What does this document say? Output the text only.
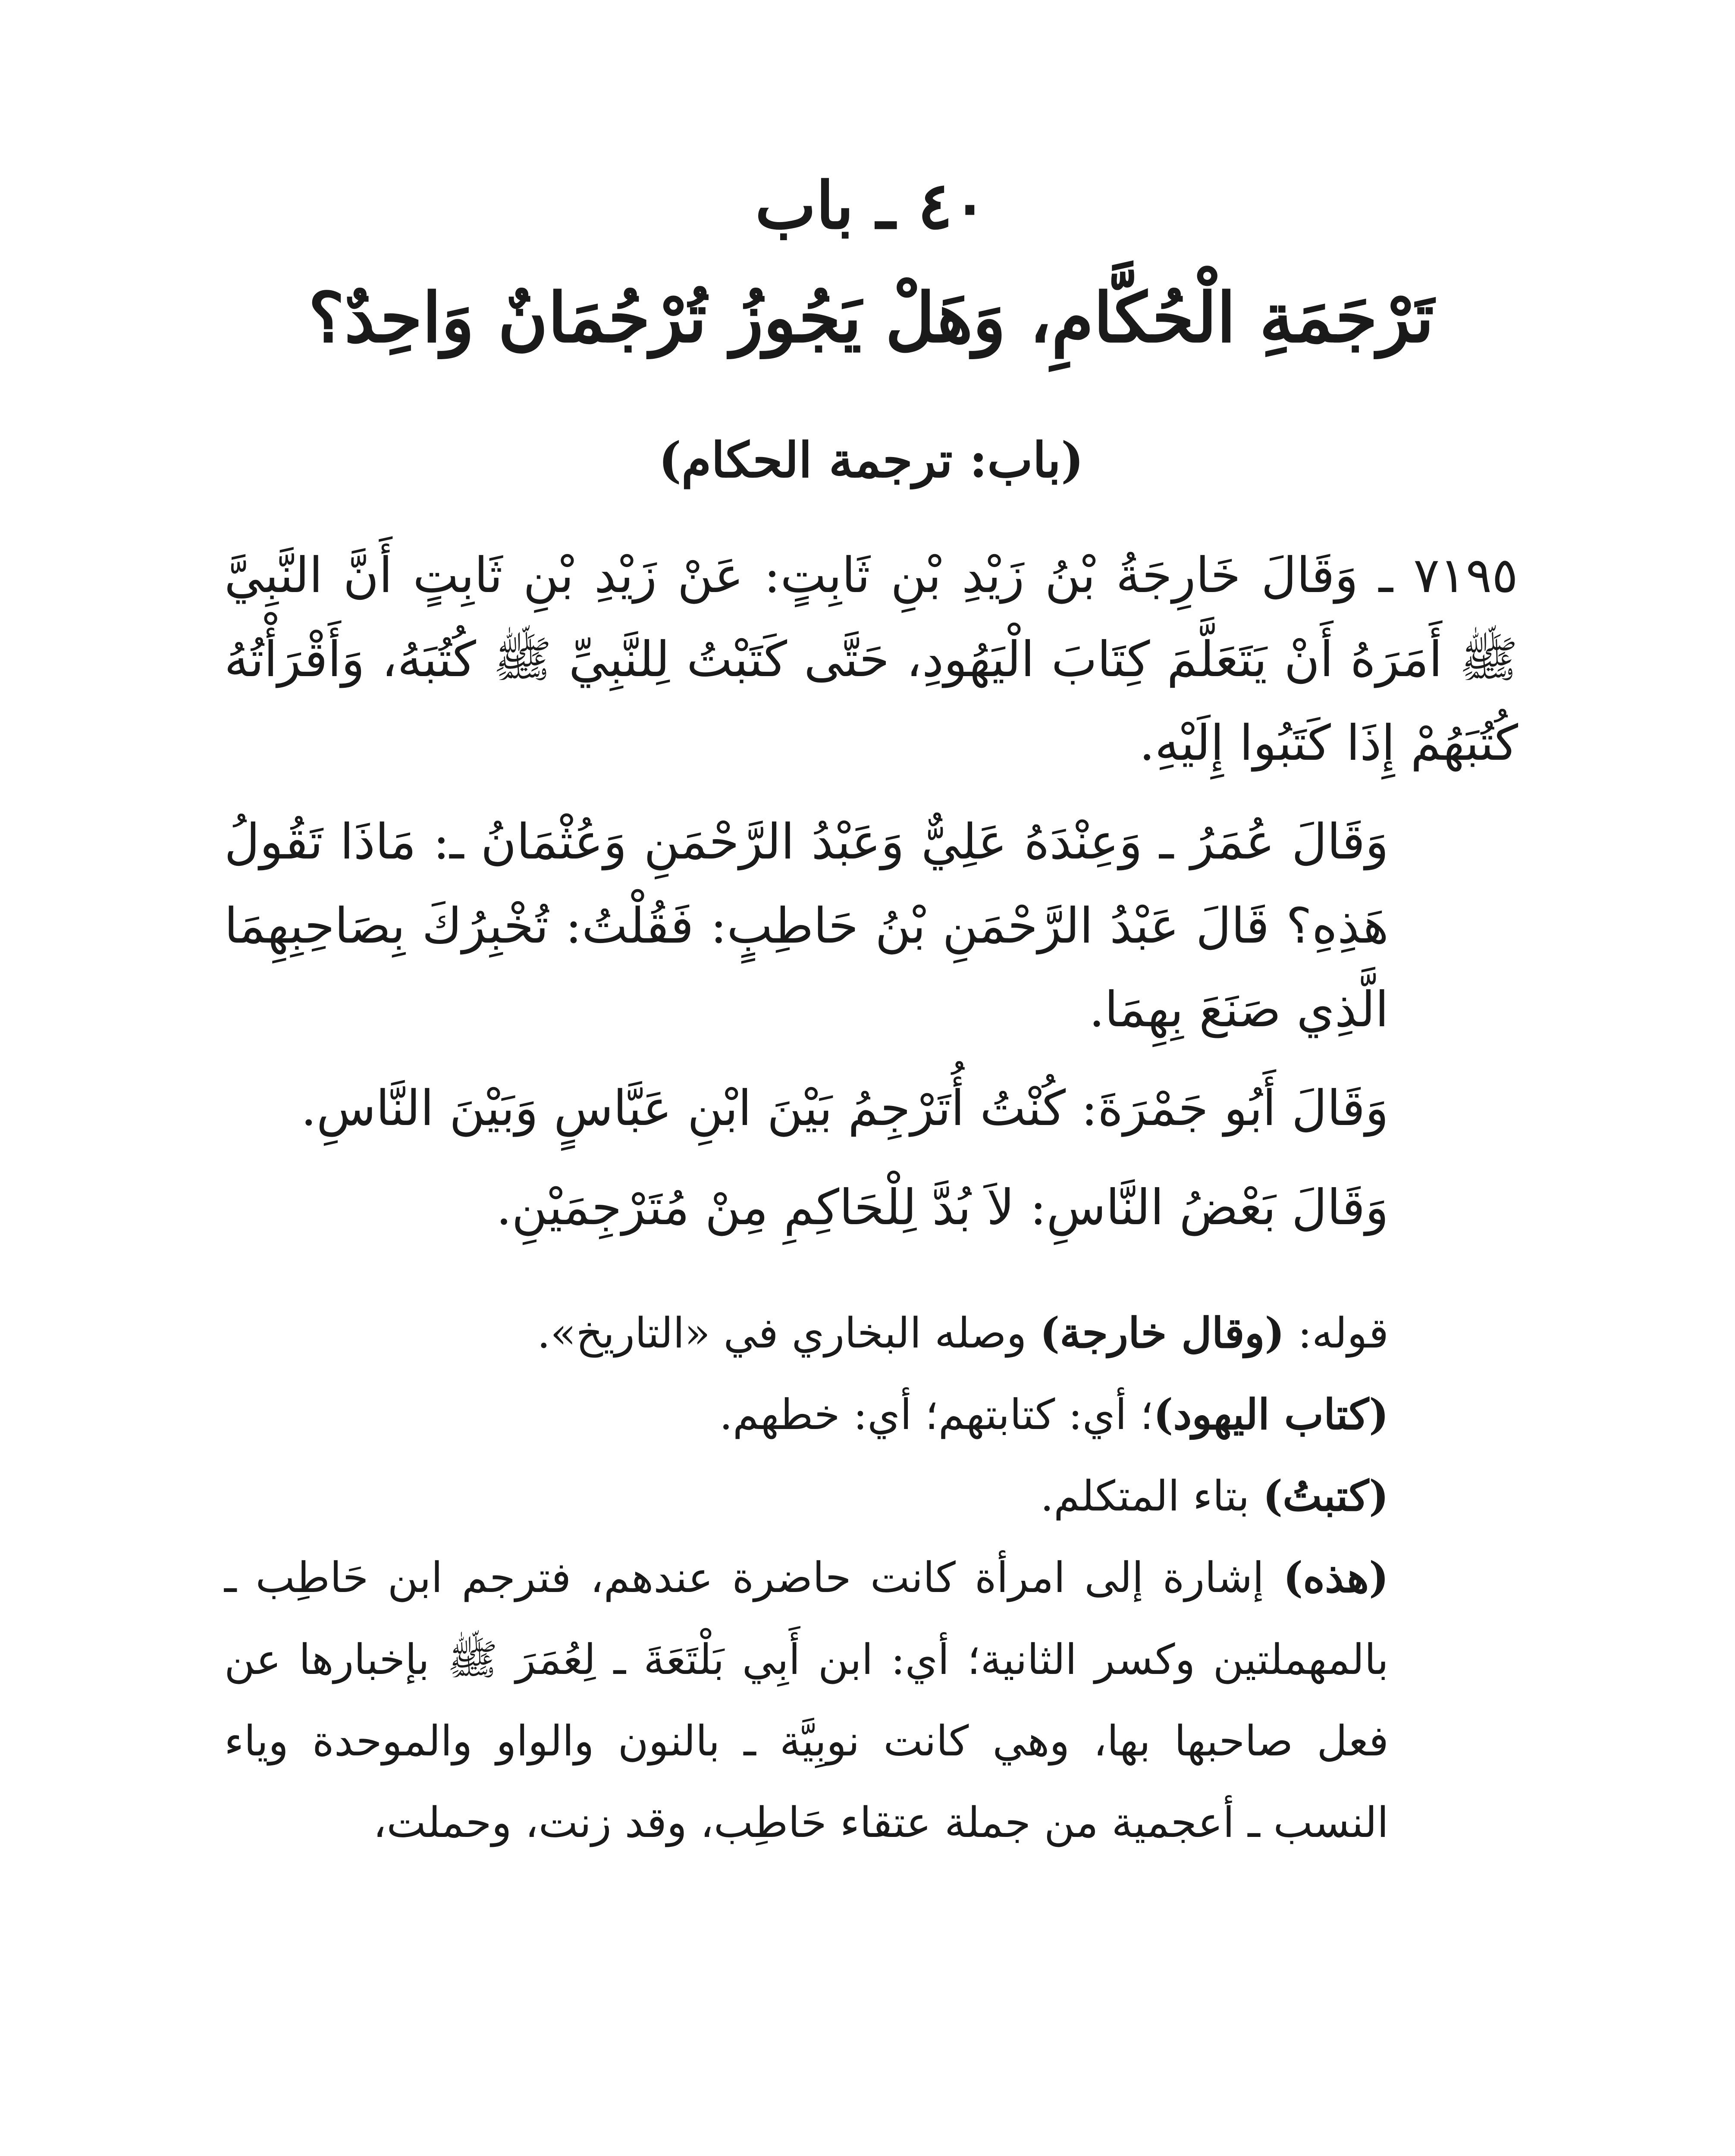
٤٠ ـ باب
تَرْجَمَةِ الْحُكَّامِ، وَهَلْ يَجُوزُ تُرْجُمَانٌ وَاحِدٌ؟
(باب: ترجمة الحكام)

٧١٩٥ ـ وَقَالَ خَارِجَةُ بْنُ زَيْدِ بْنِ ثَابِتٍ: عَنْ زَيْدِ بْنِ ثَابِتٍ أَنَّ النَّبِيَّ ﷺ أَمَرَهُ أَنْ يَتَعَلَّمَ كِتَابَ الْيَهُودِ، حَتَّى كَتَبْتُ لِلنَّبِيِّ ﷺ كُتُبَهُ، وَأَقْرَأْتُهُ كُتُبَهُمْ إِذَا كَتَبُوا إِلَيْهِ.

وَقَالَ عُمَرُ ـ وَعِنْدَهُ عَلِيٌّ وَعَبْدُ الرَّحْمَنِ وَعُثْمَانُ ـ: مَاذَا تَقُولُ هَذِهِ؟ قَالَ عَبْدُ الرَّحْمَنِ بْنُ حَاطِبٍ: فَقُلْتُ: تُخْبِرُكَ بِصَاحِبِهِمَا الَّذِي صَنَعَ بِهِمَا.

وَقَالَ أَبُو جَمْرَةَ: كُنْتُ أُتَرْجِمُ بَيْنَ ابْنِ عَبَّاسٍ وَبَيْنَ النَّاسِ.

وَقَالَ بَعْضُ النَّاسِ: لاَ بُدَّ لِلْحَاكِمِ مِنْ مُتَرْجِمَيْنِ.

قوله: (وقال خارجة) وصله البخاري في «التاريخ».

(كتاب اليهود)؛ أي: كتابتهم؛ أي: خطهم.

(كتبتُ) بتاء المتكلم.

(هذه) إشارة إلى امرأة كانت حاضرة عندهم، فترجم ابن حَاطِب ـ بالمهملتين وكسر الثانية؛ أي: ابن أَبِي بَلْتَعَةَ ـ لِعُمَرَ ﷺ بإخبارها عن فعل صاحبها بها، وهي كانت نوبِيَّة ـ بالنون والواو والموحدة وياء النسب ـ أعجمية من جملة عتقاء حَاطِب، وقد زنت، وحملت،
